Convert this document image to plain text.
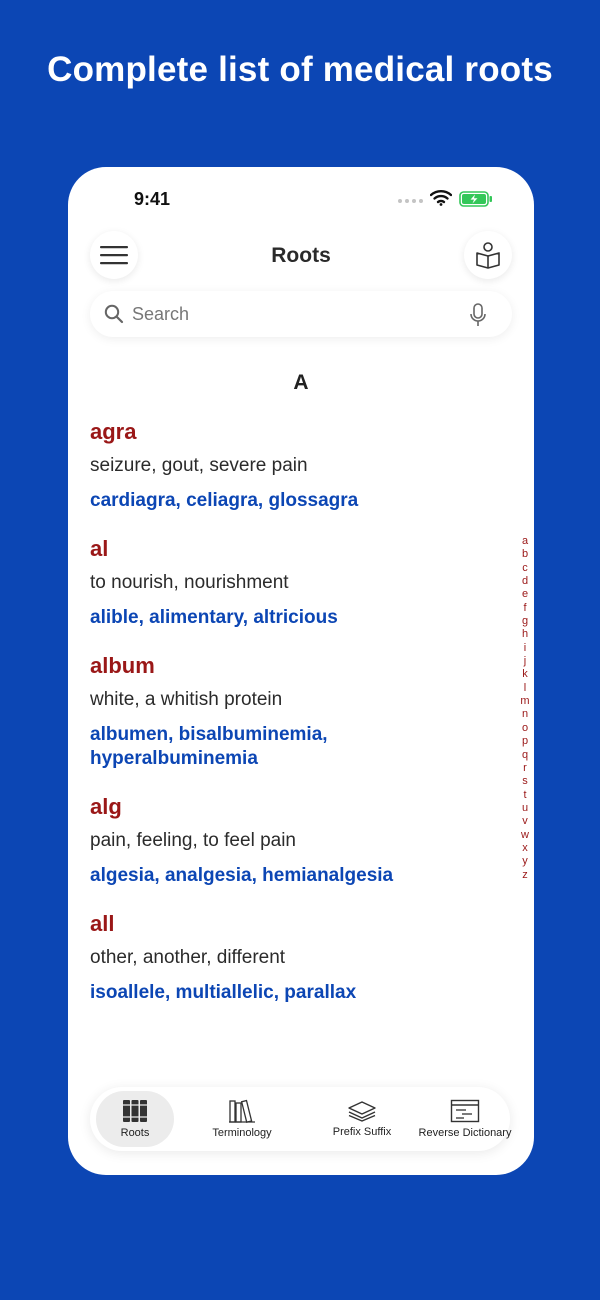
Complete list of medical roots
9:41
Roots
Search
A
agra
seizure, gout, severe pain
cardiagra, celiagra, glossagra
al
to nourish, nourishment
alible, alimentary, altricious
album
white, a whitish protein
albumen, bisalbuminemia, hyperalbuminemia
alg
pain, feeling, to feel pain
algesia, analgesia, hemianalgesia
all
other, another, different
isoallele, multiallelic, parallax
a
b
c
d
e
f
g
h
i
j
k
l
m
n
o
p
q
r
s
t
u
v
w
x
y
z
Roots	Terminology	Prefix Suffix Reverse Dictionary
